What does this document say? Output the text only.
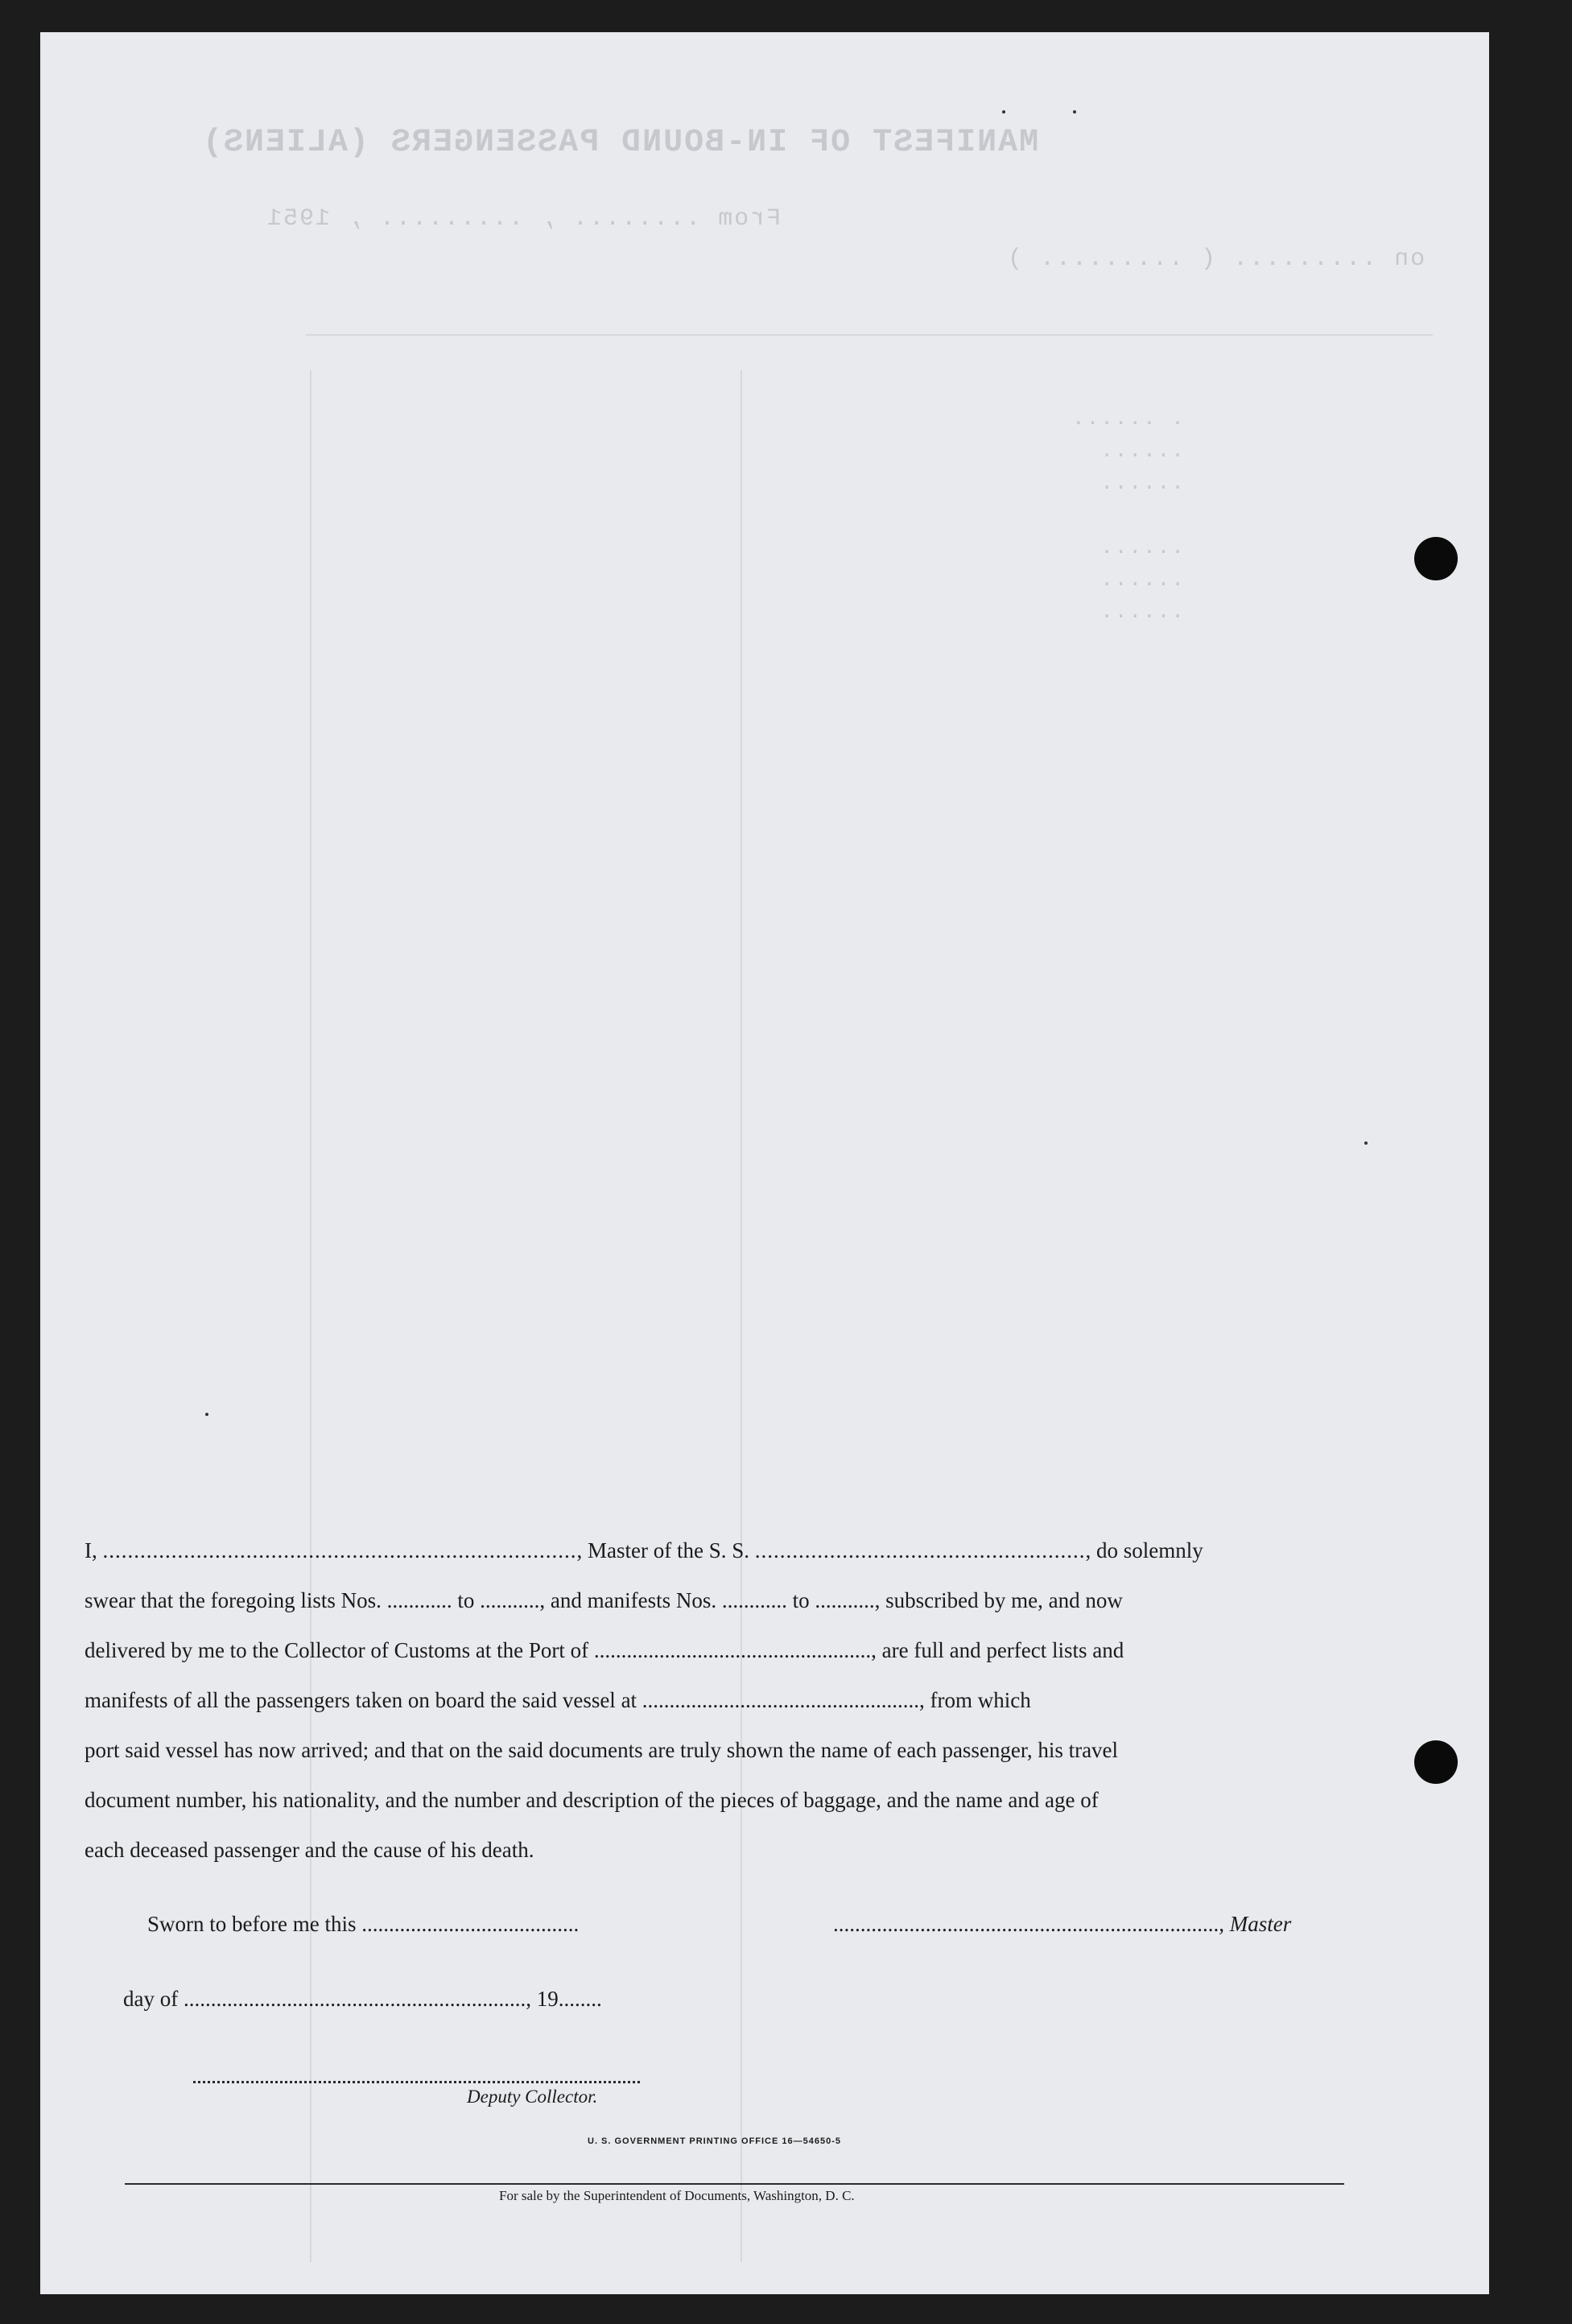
MANIFEST OF IN-BOUND PASSENGERS (ALIENS)
From ........ , ......... , 1951
on ......... ( ......... )
. ......
......
......

......
......
......

I, ............................................................................, Master of the S. S. ....................................................., do solemnly

swear that the foregoing lists Nos. ............ to ..........., and manifests Nos. ............ to ..........., subscribed by me, and now

delivered by me to the Collector of Customs at the Port of ..................................................., are full and perfect lists and

manifests of all the passengers taken on board the said vessel at ..................................................., from which

port said vessel has now arrived; and that on the said documents are truly shown the name of each passenger, his travel

document number, his nationality, and the number and description of the pieces of baggage, and the name and age of

each deceased passenger and the cause of his death.

Sworn to before me this ........................................	......................................................................., Master
day of ..............................................................., 19........
Deputy Collector.
U. S. GOVERNMENT PRINTING OFFICE 16—54650-5
For sale by the Superintendent of Documents, Washington, D. C.
